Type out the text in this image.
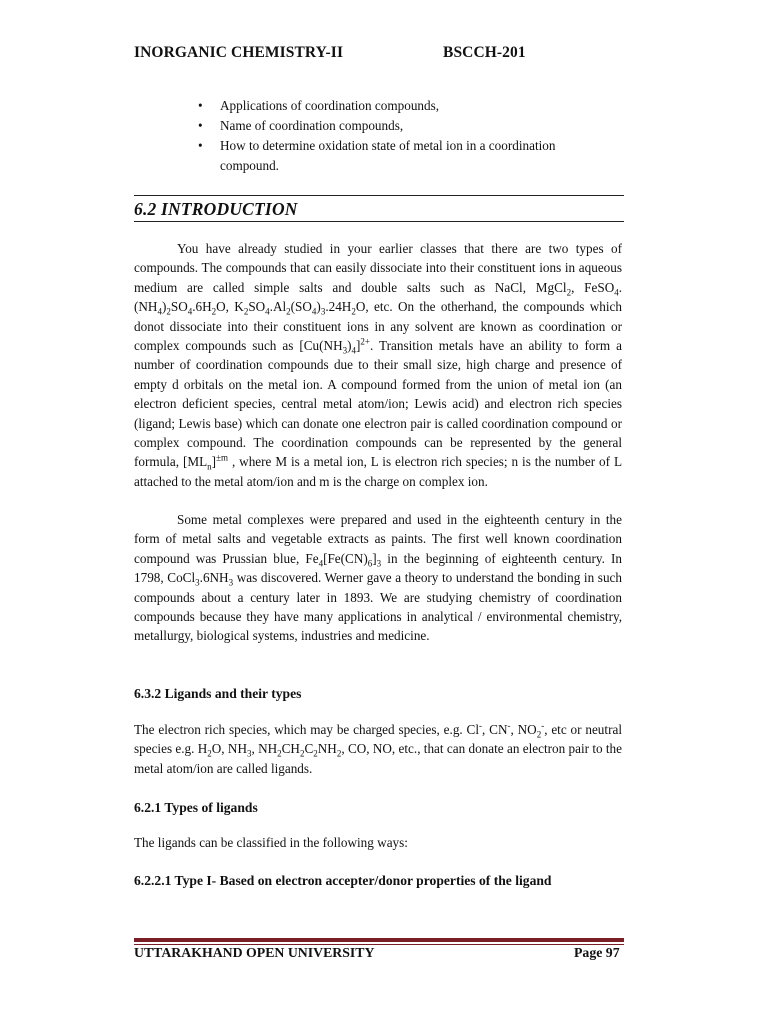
INORGANIC CHEMISTRY-II	BSCCH-201
• Applications of coordination compounds,
• Name of coordination compounds,
• How to determine oxidation state of metal ion in a coordination compound.
6.2 INTRODUCTION

You have already studied in your earlier classes that there are two types of compounds. The compounds that can easily dissociate into their constituent ions in aqueous medium are called simple salts and double salts such as NaCl, MgCl$_2$, $FeSO_4.(NH_4)_2SO_4.6H_2O$, $K_2SO_4.Al_2(SO_4)_3.24H_2O$, etc. On the otherhand, the compounds which donot dissociate into their constituent ions in any solvent are known as coordination or complex compounds such as $[Cu(NH_3)_4]^{2+}$. Transition metals have an ability to form a number of coordination compounds due to their small size, high charge and presence of empty d orbitals on the metal ion. A compound formed from the union of metal ion (an electron deficient species, central metal atom/ion; Lewis acid) and electron rich species (ligand; Lewis base) which can donate one electron pair is called coordination compound or complex compound. The coordination compounds can be represented by the general formula, $[ML_n]^{\pm m}$ , where M is a metal ion, L is electron rich species; n is the number of L attached to the metal atom/ion and m is the charge on complex ion.

Some metal complexes were prepared and used in the eighteenth century in the form of metal salts and vegetable extracts as paints. The first well known coordination compound was Prussian blue, $Fe_4[Fe(CN)_6]_3$ in the beginning of eighteenth century. In 1798, $CoCl_3.6NH_3$ was discovered. Werner gave a theory to understand the bonding in such compounds about a century later in 1893. We are studying chemistry of coordination compounds because they have many applications in analytical / environmental chemistry, metallurgy, biological systems, industries and medicine.

6.3.2 Ligands and their types

The electron rich species, which may be charged species, e.g. Cl-, CN-, $NO_2^-$, etc or neutral species e.g. $H_2O$, $NH_3$, $NH_2CH_2C_2NH_2$, CO, NO, etc., that can donate an electron pair to the metal atom/ion are called ligands.

6.2.1 Types of ligands

The ligands can be classified in the following ways:

6.2.2.1 Type I- Based on electron accepter/donor properties of the ligand
UTTARAKHAND OPEN UNIVERSITY	Page 97
